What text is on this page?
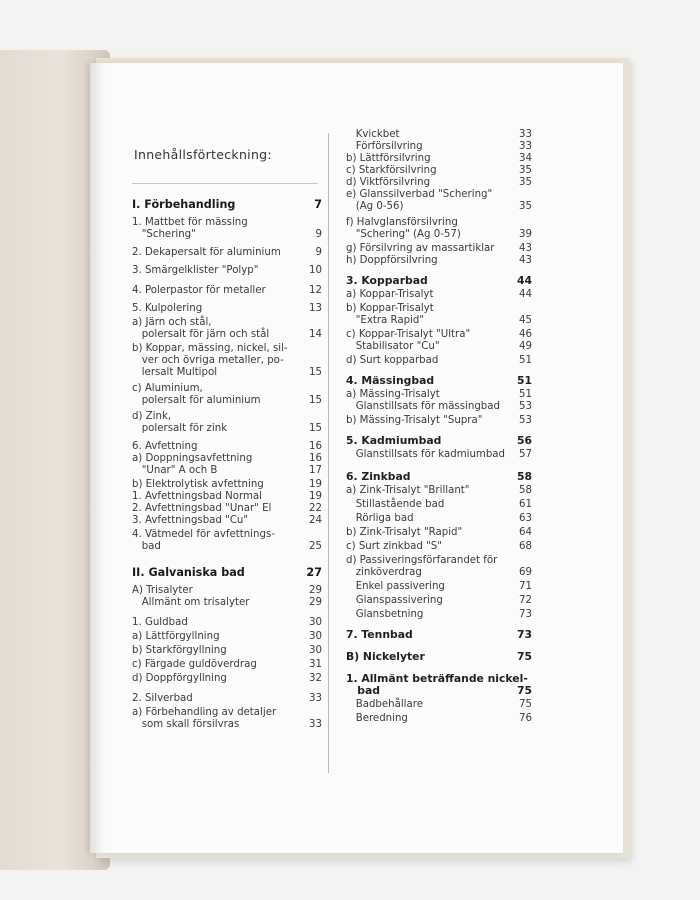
Innehållsförteckning:
I. Förbehandling	7
1. Mattbet för mässing
"Schering"	9
2. Dekapersalt för aluminium	9
3. Smärgelklister "Polyp"	10
4. Polerpastor för metaller	12
5. Kulpolering	13
a) Järn och stål,
polersalt för järn och stål	14
b) Koppar, mässing, nickel, sil-
ver och övriga metaller, po-
lersalt Multipol	15
c) Aluminium,
polersalt för aluminium	15
d) Zink,
polersalt för zink	15
6. Avfettning	16
a) Doppningsavfettning	16
"Unar" A och B	17
b) Elektrolytisk avfettning	19
1. Avfettningsbad Normal	19
2. Avfettningsbad "Unar" El	22
3. Avfettningsbad "Cu"	24
4. Vätmedel för avfettnings-
bad	25
II. Galvaniska bad	27
A) Trisalyter	29
Allmänt om trisalyter	29
1. Guldbad	30
a) Lättförgyllning	30
b) Starkförgyllning	30
c) Färgade guldöverdrag	31
d) Doppförgyllning	32
2. Silverbad	33
a) Förbehandling av detaljer
som skall försilvras	33
Kvickbet	33
Förförsilvring	33
b) Lättförsilvring	34
c) Starkförsilvring	35
d) Viktförsilvring	35
e) Glanssilverbad "Schering"
(Ag 0-56)	35
f) Halvglansförsilvring
"Schering" (Ag 0-57)	39
g) Försilvring av massartiklar 43
h) Doppförsilvring	43
3. Kopparbad	44
a) Koppar-Trisalyt	44
b) Koppar-Trisalyt
"Extra Rapid"	45
c) Koppar-Trisalyt "Ultra"	46
Stabilisator "Cu"	49
d) Surt kopparbad	51
4. Mässingbad	51
a) Mässing-Trisalyt	51
Glanstillsats för mässingbad 53
b) Mässing-Trisalyt "Supra"	53
5. Kadmiumbad	56
Glanstillsats för kadmiumbad 57
6. Zinkbad	58
a) Zink-Trisalyt "Brillant"	58
Stillastående bad	61
Rörliga bad	63
b) Zink-Trisalyt "Rapid"	64
c) Surt zinkbad "S"	68
d) Passiveringsförfarandet för
zinköverdrag	69
Enkel passivering	71
Glanspassivering	72
Glansbetning	73
7. Tennbad	73
B) Nickelyter	75
1. Allmänt beträffande nickel-
bad	75
Badbehållare	75
Beredning	76
